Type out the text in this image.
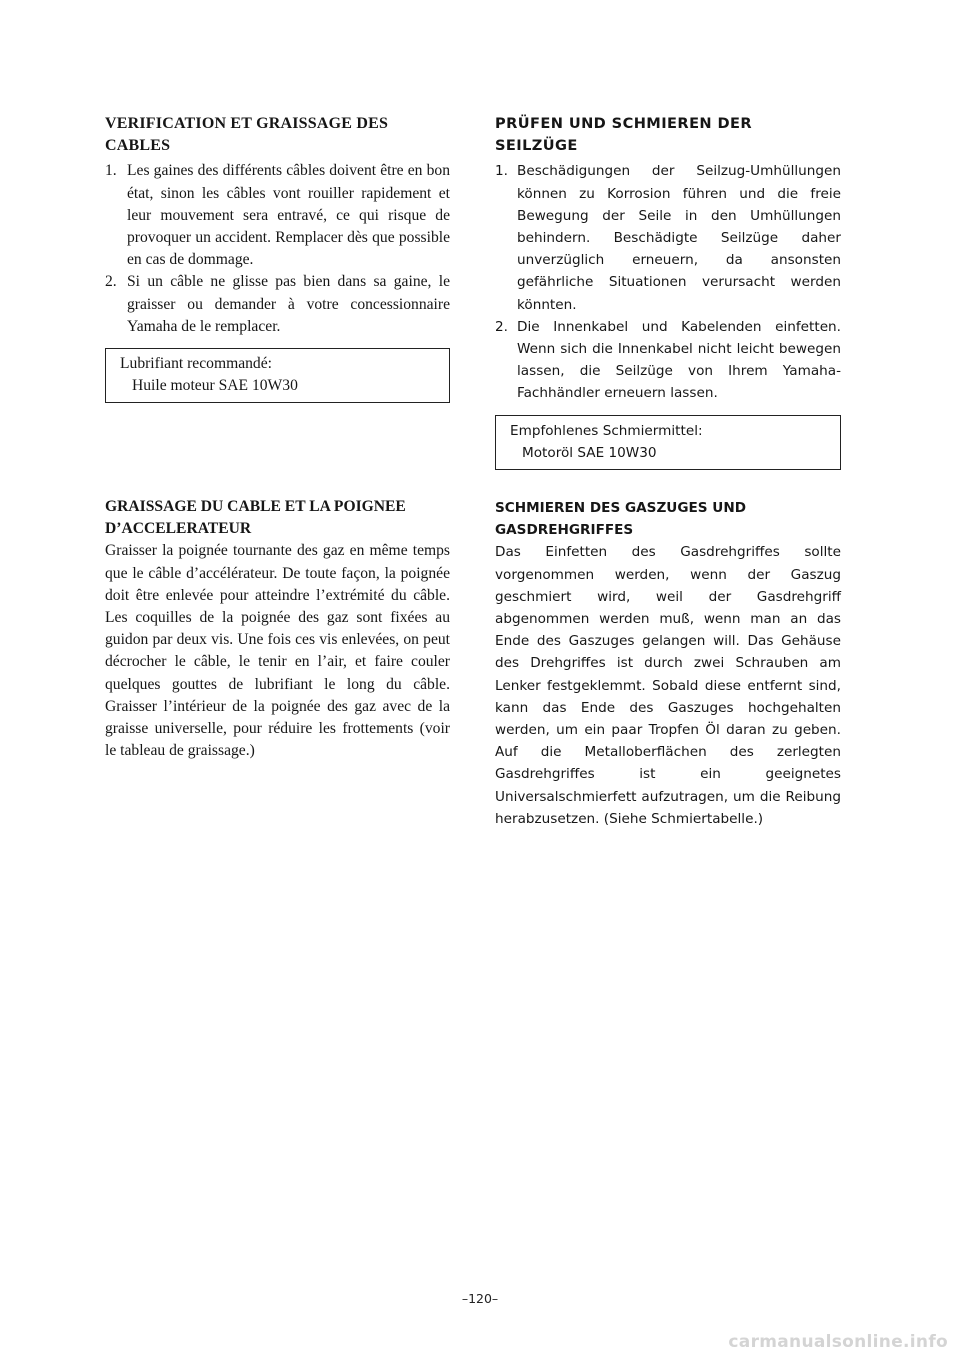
VERIFICATION ET GRAISSAGE DES
CABLES

1. Les gaines des différents câbles doivent être en bon état, sinon les câbles vont rouiller rapidement et leur mouvement sera entravé, ce qui risque de provoquer un accident. Remplacer dès que possible en cas de dommage.
2. Si un câble ne glisse pas bien dans sa gaine, le graisser ou demander à votre concessionnaire Yamaha de le remplacer.
Lubrifiant recommandé:
Huile moteur SAE 10W30

PRÜFEN UND SCHMIEREN DER
SEILZÜGE

1. Beschädigungen der Seilzug-Umhüllungen können zu Korrosion führen und die freie Bewegung der Seile in den Umhüllungen behindern. Beschädigte Seilzüge daher unverzüglich erneuern, da ansonsten gefährliche Situationen verursacht werden könnten.
2. Die Innenkabel und Kabelenden einfetten. Wenn sich die Innenkabel nicht leicht bewegen lassen, die Seilzüge von Ihrem Yamaha-Fachhändler erneuern lassen.
Empfohlenes Schmiermittel:
Motoröl SAE 10W30

GRAISSAGE DU CABLE ET LA POIGNEE
D’ACCELERATEUR

Graisser la poignée tournante des gaz en même temps que le câble d’accélérateur. De toute façon, la poignée doit être enlevée pour atteindre l’extrémité du câble. Les coquilles de la poignée des gaz sont fixées au guidon par deux vis. Une fois ces vis enlevées, on peut décrocher le câble, le tenir en l’air, et faire couler quelques gouttes de lubrifiant le long du câble. Graisser l’intérieur de la poignée des gaz avec de la graisse universelle, pour réduire les frottements (voir le tableau de graissage.)

SCHMIEREN DES GASZUGES UND
GASDREHGRIFFES

Das Einfetten des Gasdrehgriffes sollte vorgenommen werden, wenn der Gaszug geschmiert wird, weil der Gasdrehgriff abgenommen werden muß, wenn man an das Ende des Gaszuges gelangen will. Das Gehäuse des Drehgriffes ist durch zwei Schrauben am Lenker festgeklemmt. Sobald diese entfernt sind, kann das Ende des Gaszuges hochgehalten werden, um ein paar Tropfen Öl daran zu geben. Auf die Metalloberflächen des zerlegten Gasdrehgriffes ist ein geeignetes Universalschmierfett aufzutragen, um die Reibung herabzusetzen. (Siehe Schmiertabelle.)

–120–
carmanualsonline.info
